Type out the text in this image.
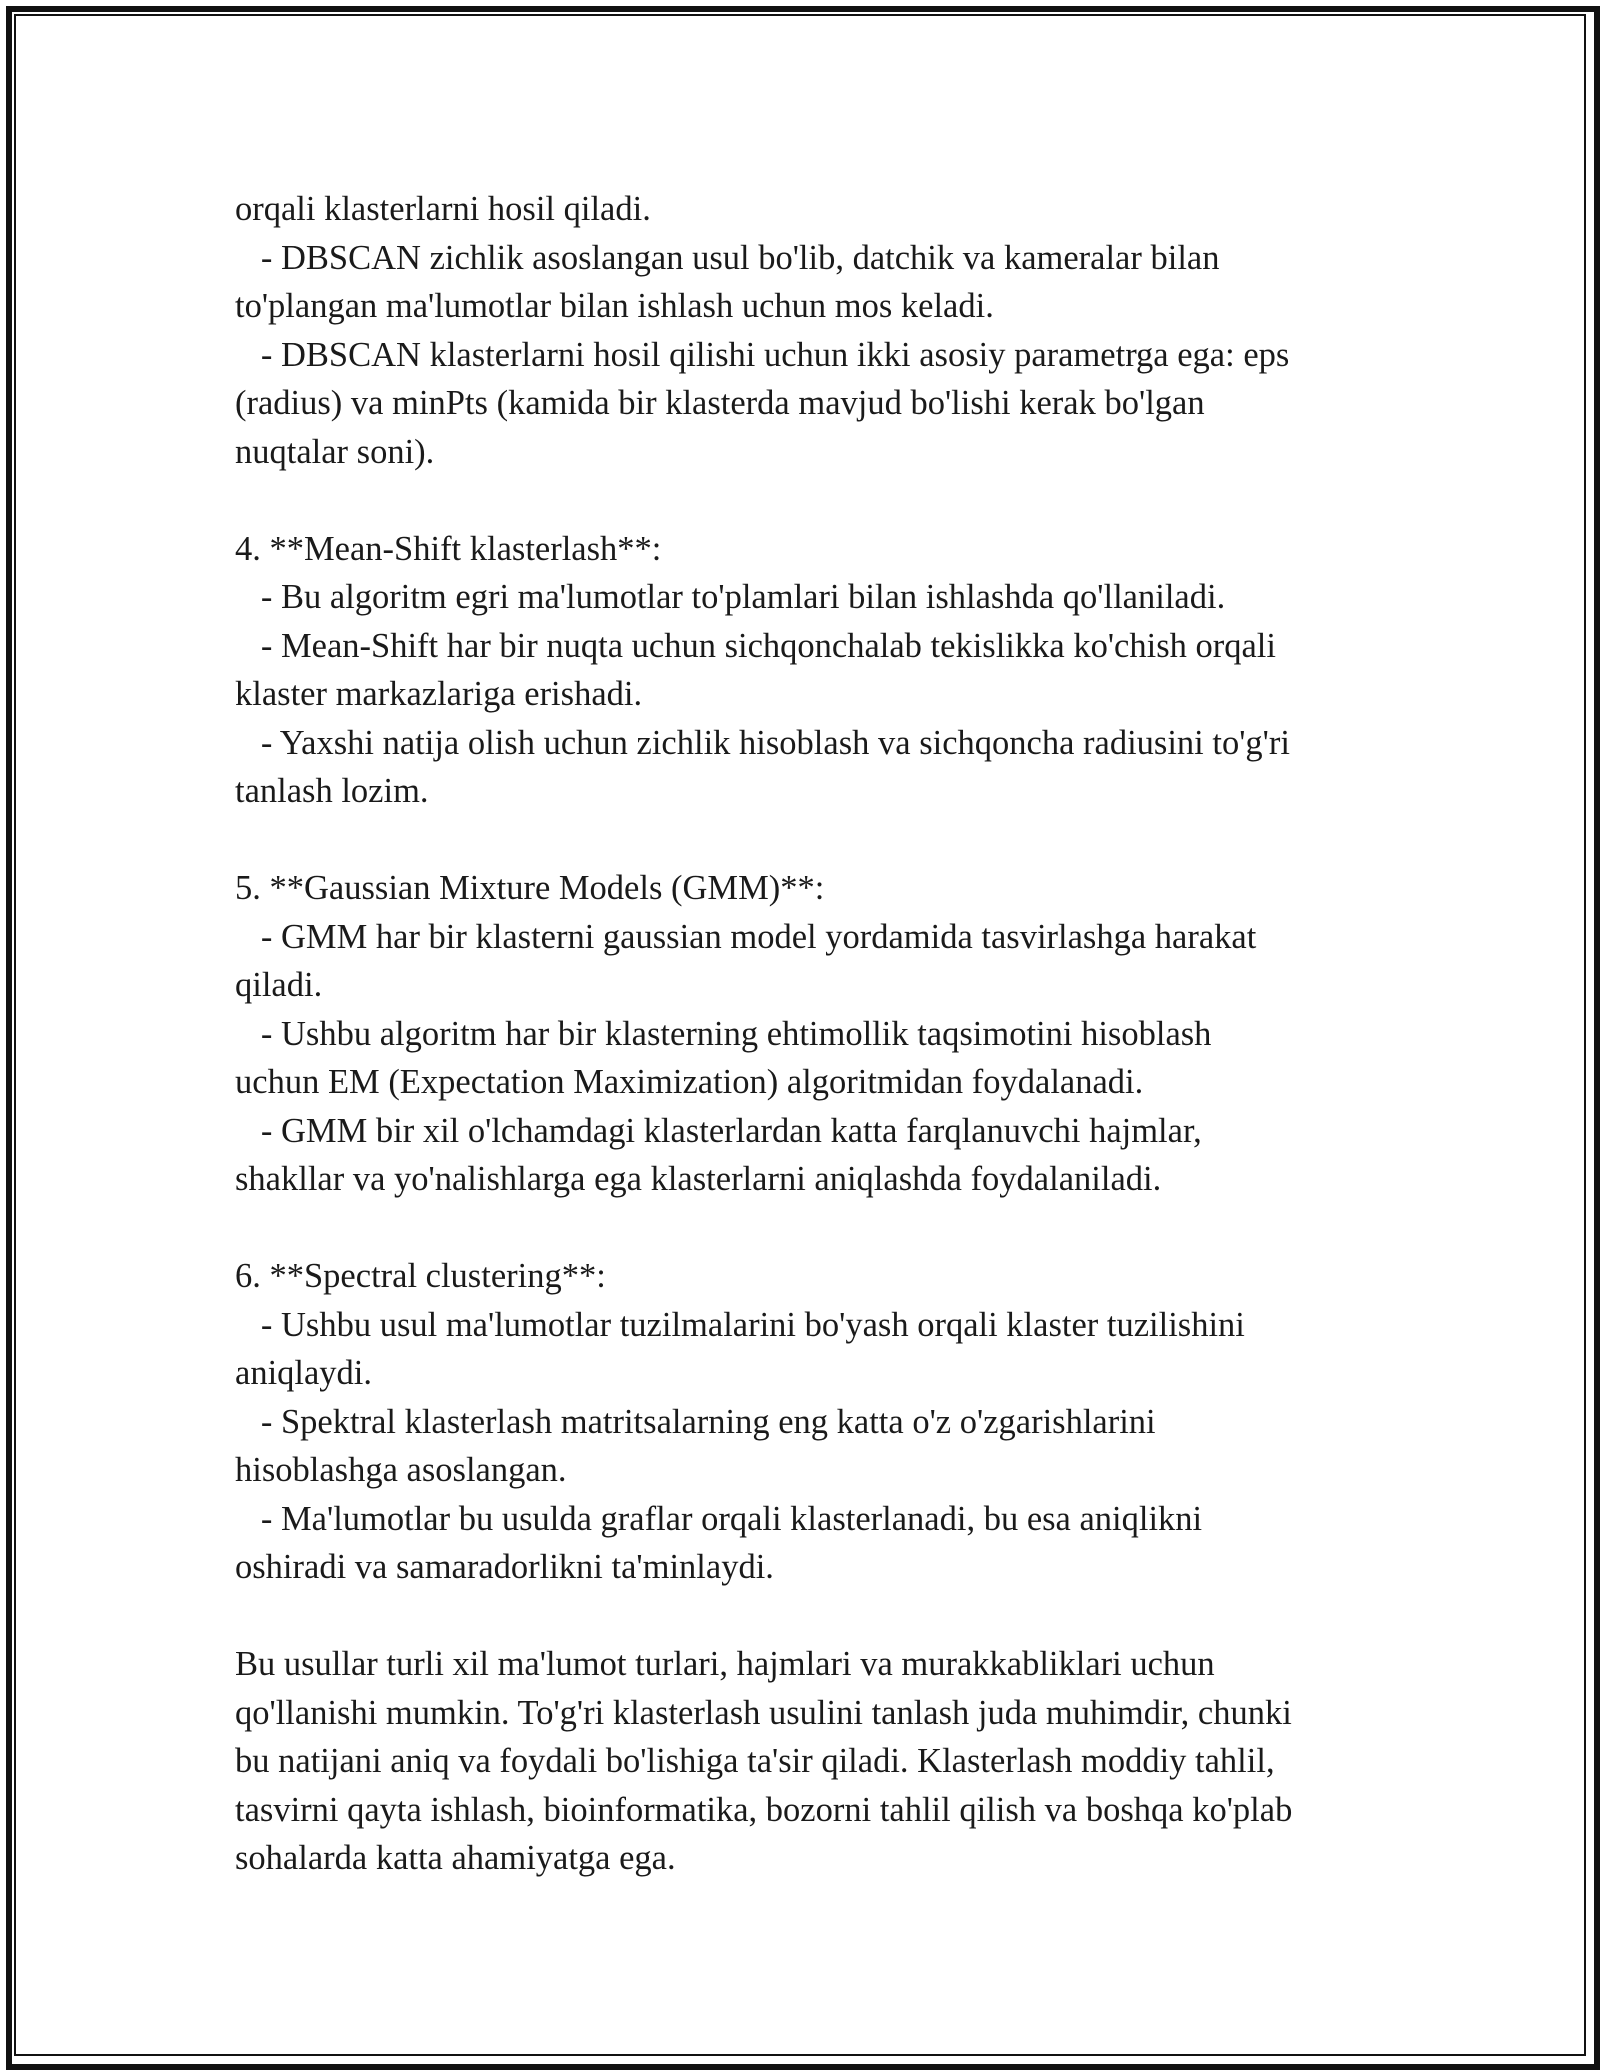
orqali klasterlarni hosil qiladi.
- DBSCAN zichlik asoslangan usul bo'lib, datchik va kameralar bilan
to'plangan ma'lumotlar bilan ishlash uchun mos keladi.
- DBSCAN klasterlarni hosil qilishi uchun ikki asosiy parametrga ega: eps
(radius) va minPts (kamida bir klasterda mavjud bo'lishi kerak bo'lgan
nuqtalar soni).
4. **Mean-Shift klasterlash**:
- Bu algoritm egri ma'lumotlar to'plamlari bilan ishlashda qo'llaniladi.
- Mean-Shift har bir nuqta uchun sichqonchalab tekislikka ko'chish orqali
klaster markazlariga erishadi.
- Yaxshi natija olish uchun zichlik hisoblash va sichqoncha radiusini to'g'ri
tanlash lozim.
5. **Gaussian Mixture Models (GMM)**:
- GMM har bir klasterni gaussian model yordamida tasvirlashga harakat
qiladi.
- Ushbu algoritm har bir klasterning ehtimollik taqsimotini hisoblash
uchun EM (Expectation Maximization) algoritmidan foydalanadi.
- GMM bir xil o'lchamdagi klasterlardan katta farqlanuvchi hajmlar,
shakllar va yo'nalishlarga ega klasterlarni aniqlashda foydalaniladi.
6. **Spectral clustering**:
- Ushbu usul ma'lumotlar tuzilmalarini bo'yash orqali klaster tuzilishini
aniqlaydi.
- Spektral klasterlash matritsalarning eng katta o'z o'zgarishlarini
hisoblashga asoslangan.
- Ma'lumotlar bu usulda graflar orqali klasterlanadi, bu esa aniqlikni
oshiradi va samaradorlikni ta'minlaydi.
Bu usullar turli xil ma'lumot turlari, hajmlari va murakkabliklari uchun
qo'llanishi mumkin. To'g'ri klasterlash usulini tanlash juda muhimdir, chunki
bu natijani aniq va foydali bo'lishiga ta'sir qiladi. Klasterlash moddiy tahlil,
tasvirni qayta ishlash, bioinformatika, bozorni tahlil qilish va boshqa ko'plab
sohalarda katta ahamiyatga ega.
